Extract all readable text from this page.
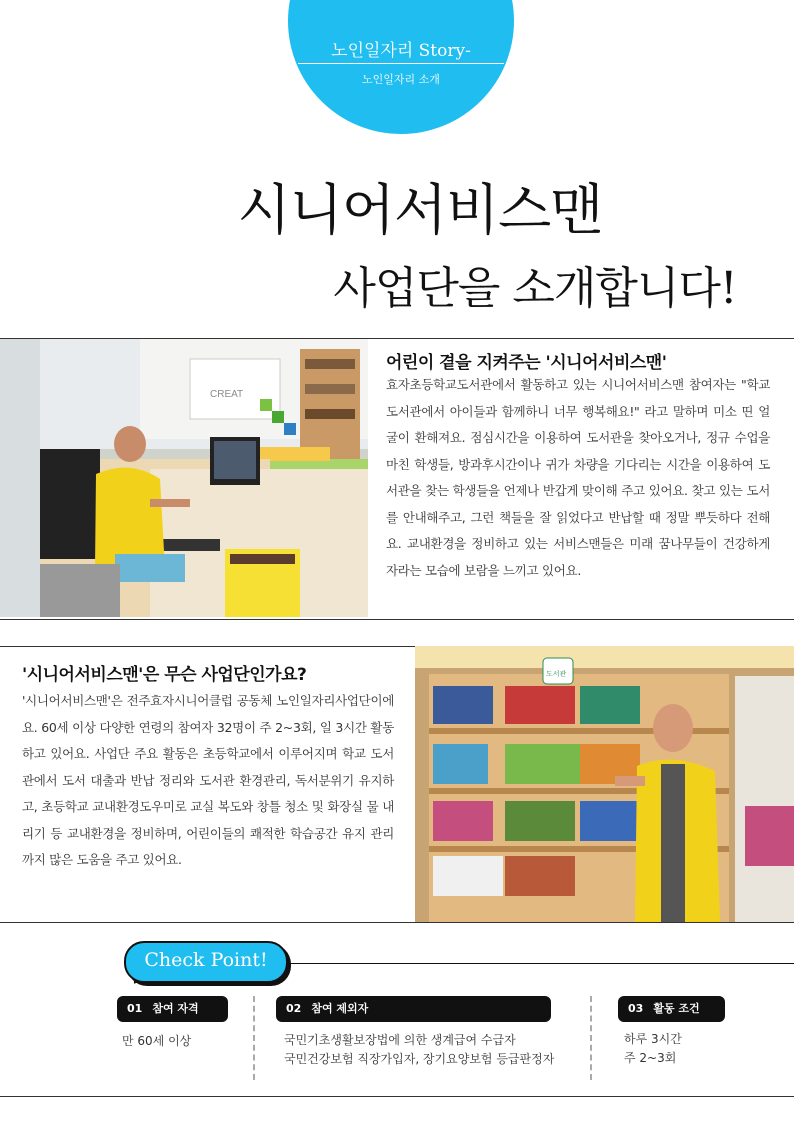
노인일자리 Story-
노인일자리 소개
시니어서비스맨
사업단을 소개합니다!
CREAT
어린이 곁을 지켜주는 '시니어서비스맨'

효자초등학교도서관에서 활동하고 있는 시니어서비스맨 참여자는 "학교 도서관에서 아이들과 함께하니 너무 행복해요!" 라고 말하며 미소 띤 얼굴이 환해져요. 점심시간을 이용하여 도서관을 찾아오거나, 정규 수업을 마친 학생들, 방과후시간이나 귀가 차량을 기다리는 시간을 이용하여 도서관을 찾는 학생들을 언제나 반갑게 맞이해 주고 있어요. 찾고 있는 도서를 안내해주고, 그런 책들을 잘 읽었다고 반납할 때 정말 뿌듯하다 전해요. 교내환경을 정비하고 있는 서비스맨들은 미래 꿈나무들이 건강하게 자라는 모습에 보람을 느끼고 있어요.

'시니어서비스맨'은 무슨 사업단인가요?

'시니어서비스맨'은 전주효자시니어클럽 공동체 노인일자리사업단이에요. 60세 이상 다양한 연령의 참여자 32명이 주 2~3회, 일 3시간 활동하고 있어요. 사업단 주요 활동은 초등학교에서 이루어지며 학교 도서관에서 도서 대출과 반납 정리와 도서관 환경관리, 독서분위기 유지하고, 초등학교 교내환경도우미로 교실 복도와 창틀 청소 및 화장실 물 내리기 등 교내환경을 정비하며, 어린이들의 쾌적한 학습공간 유지 관리까지 많은 도움을 주고 있어요.

도서관
Check Point!
01 참여 자격
만 60세 이상
02 참여 제외자
국민기초생활보장법에 의한 생계급여 수급자
국민건강보험 직장가입자, 장기요양보험 등급판정자
03 활동 조건
하루 3시간
주 2~3회
